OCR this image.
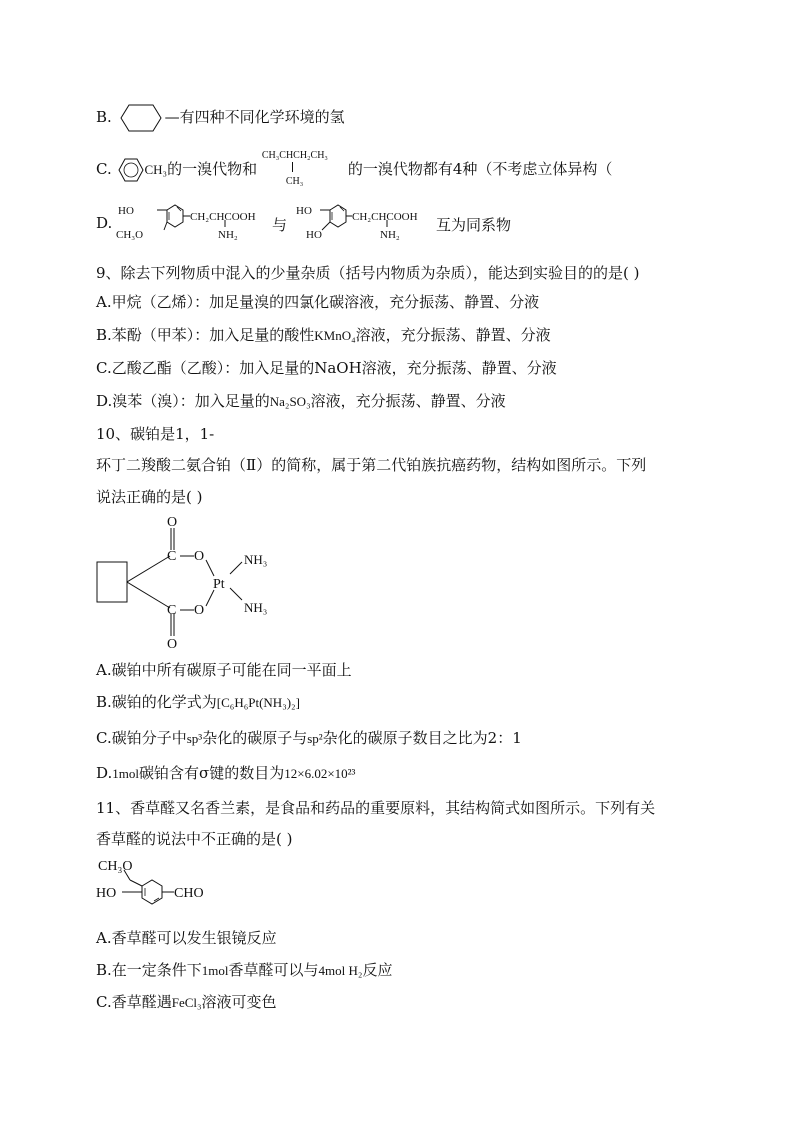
B.	—有四种不同化学环境的氢
C.	CH₃的一溴代物和
CH₃CHCH₂CH₃
CH₃
的一溴代物都有4种（不考虑立体异构（
D.
HO
CH₃O
CH₂CHCOOH
NH₂
与
HO
HO
CH₂CHCOOH
NH₂
互为同系物
9、除去下列物质中混入的少量杂质（括号内物质为杂质），能达到实验目的的是( )
A.甲烷（乙烯）：加足量溴的四氯化碳溶液，充分振荡、静置、分液
B.苯酚（甲苯）：加入足量的酸性KMnO₄溶液，充分振荡、静置、分液
C.乙酸乙酯（乙酸）：加入足量的NaOH溶液，充分振荡、静置、分液
D.溴苯（溴）：加入足量的Na₂SO₃溶液，充分振荡、静置、分液
10、碳铂是1，1-
环丁二羧酸二氨合铂（Ⅱ）的简称，属于第二代铂族抗癌药物，结构如图所示。下列
说法正确的是( )
O
C O
Pt
NH₃
NH₃
C O
O
A.碳铂中所有碳原子可能在同一平面上
B.碳铂的化学式为[C₆H₆Pt(NH₃)₂]
C.碳铂分子中sp³杂化的碳原子与sp²杂化的碳原子数目之比为2：1
D.1mol碳铂含有σ键的数目为12×6.02×10²³
11、香草醛又名香兰素，是食品和药品的重要原料，其结构简式如图所示。下列有关
香草醛的说法中不正确的是( )
CH₃O
HO	CHO
A.香草醛可以发生银镜反应
B.在一定条件下1mol香草醛可以与4mol H₂反应
C.香草醛遇FeCl₃溶液可变色
